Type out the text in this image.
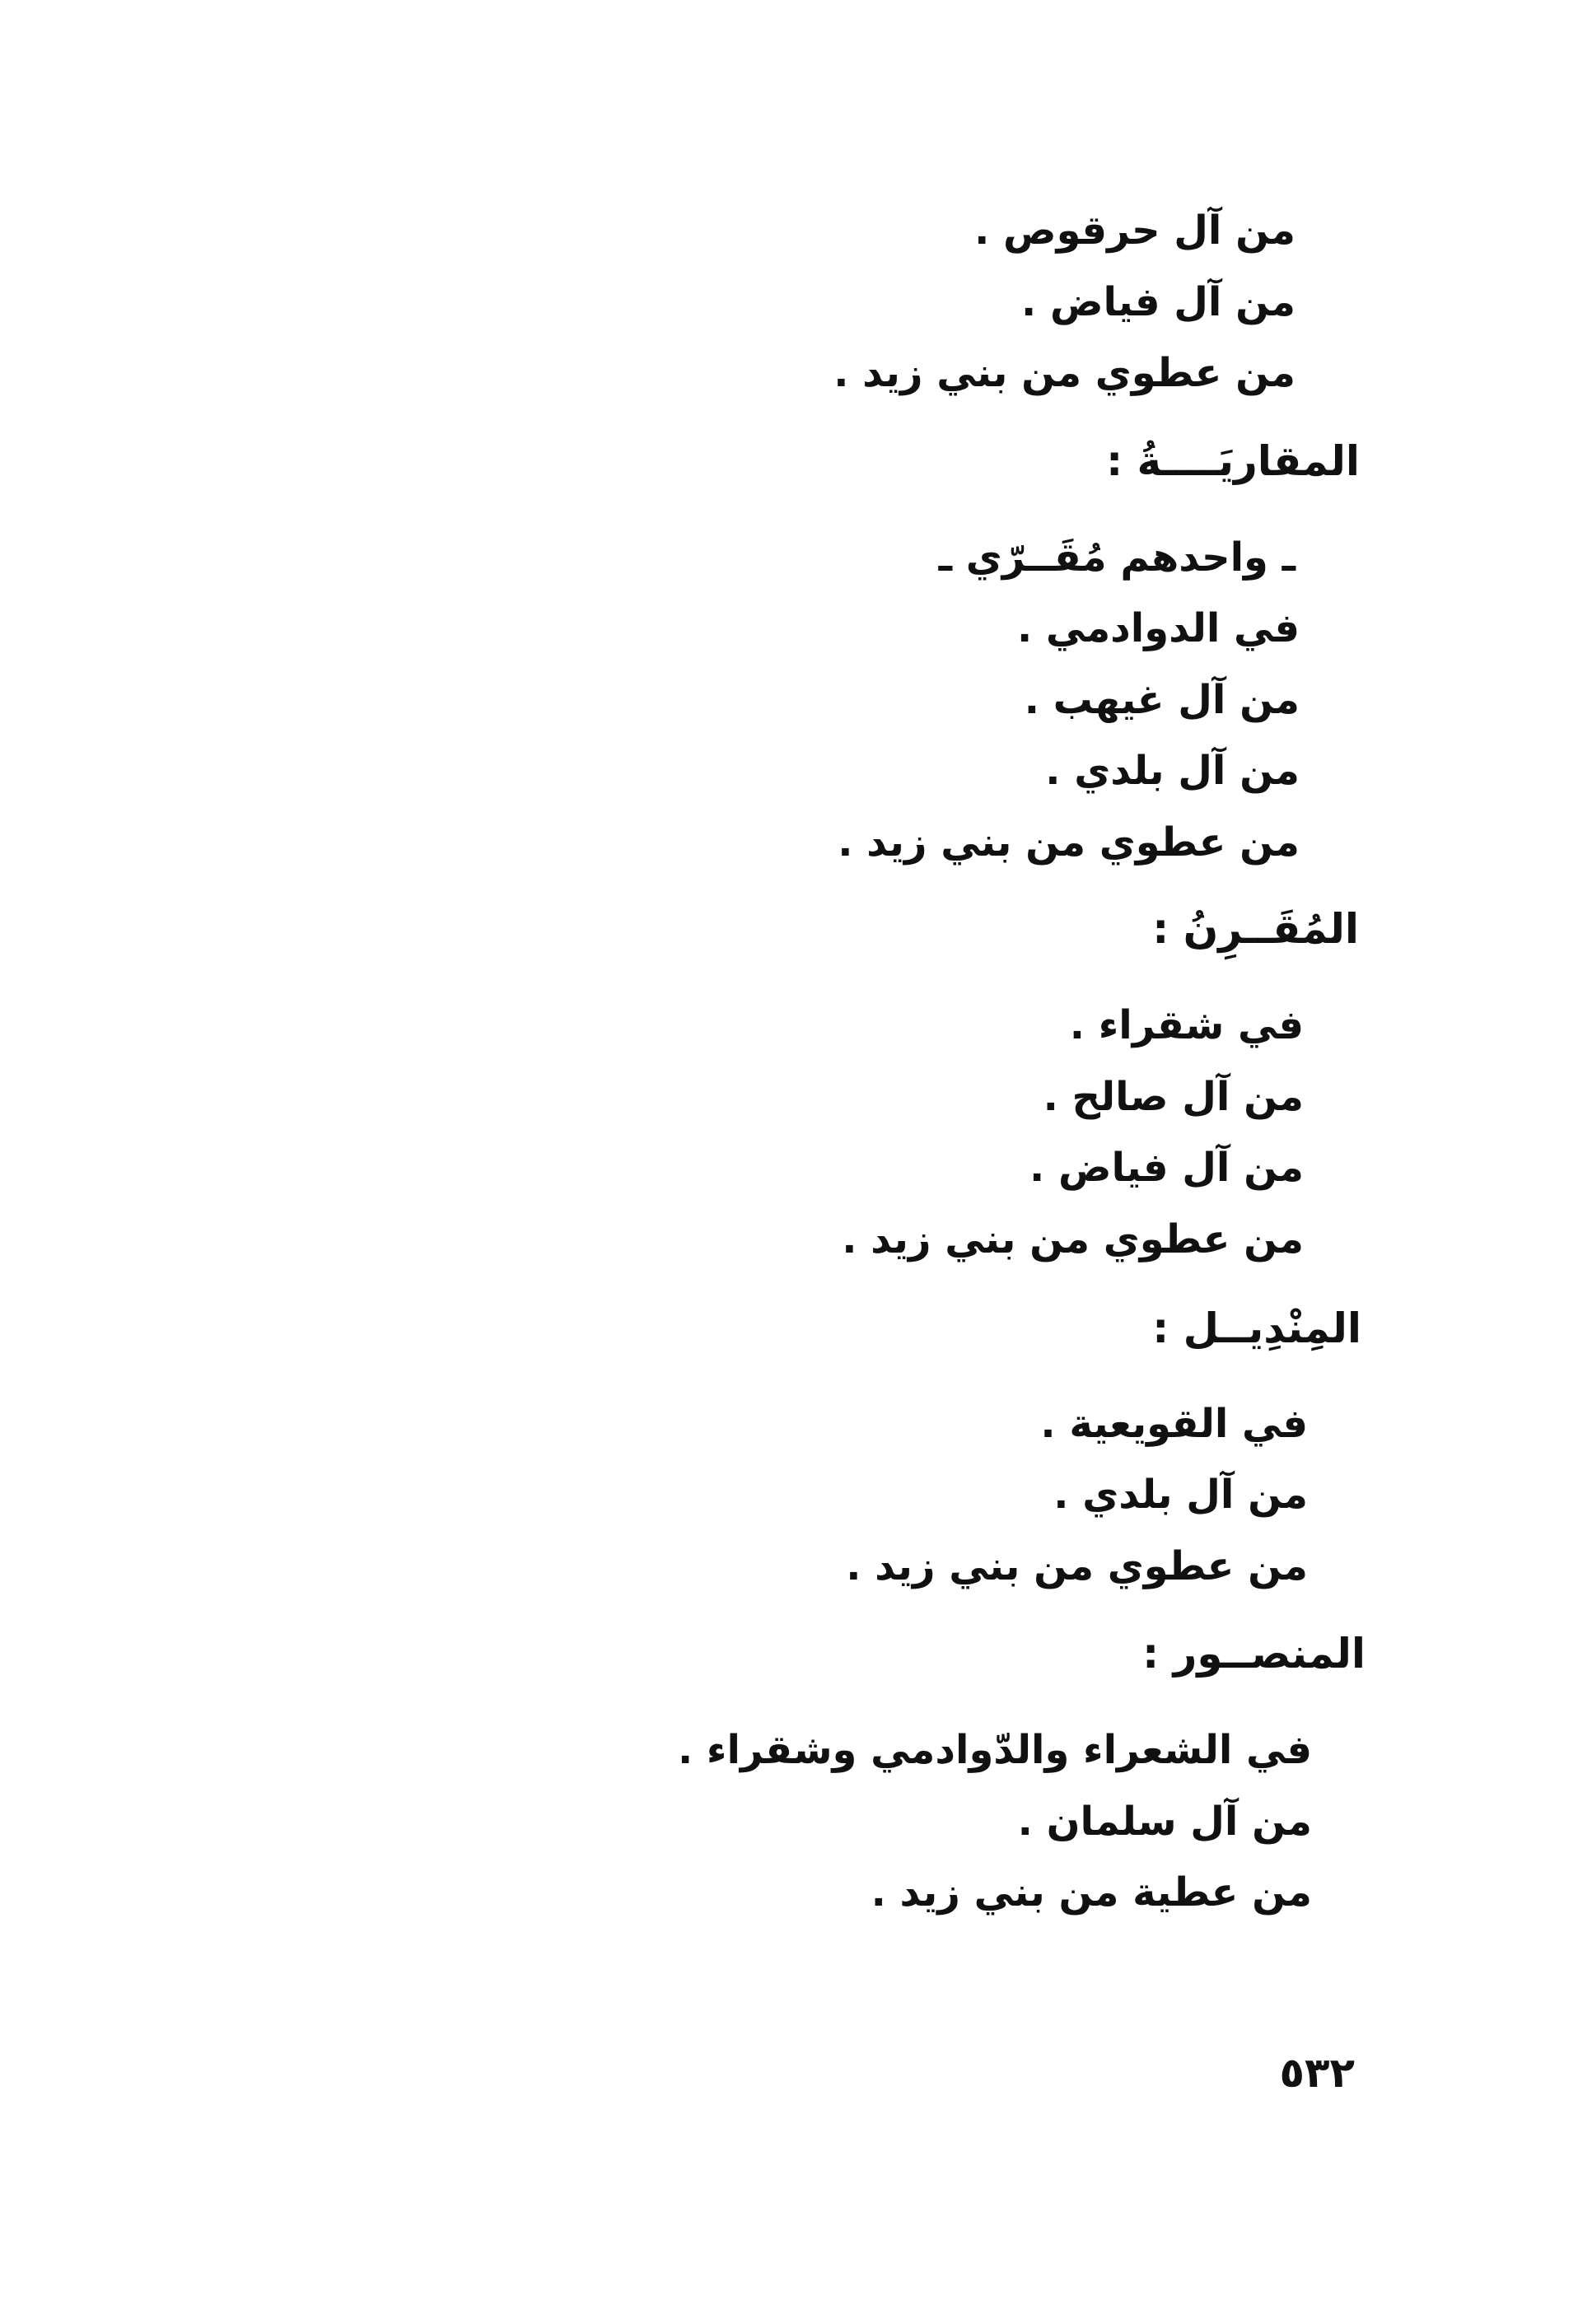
من آل حرقوص .
من آل فياض .
من عطوي من بني زيد .
المقاريَــــةُ :
ـ واحدهم مُقَــرّي ـ
في الدوادمي .
من آل غيهب .
من آل بلدي .
من عطوي من بني زيد .
المُقَــرِنُ :
في شقراء .
من آل صالح .
من آل فياض .
من عطوي من بني زيد .
المِنْدِيــل :
في القويعية .
من آل بلدي .
من عطوي من بني زيد .
المنصــور :
في الشعراء والدّوادمي وشقراء .
من آل سلمان .
من عطية من بني زيد .
٥٣٢
